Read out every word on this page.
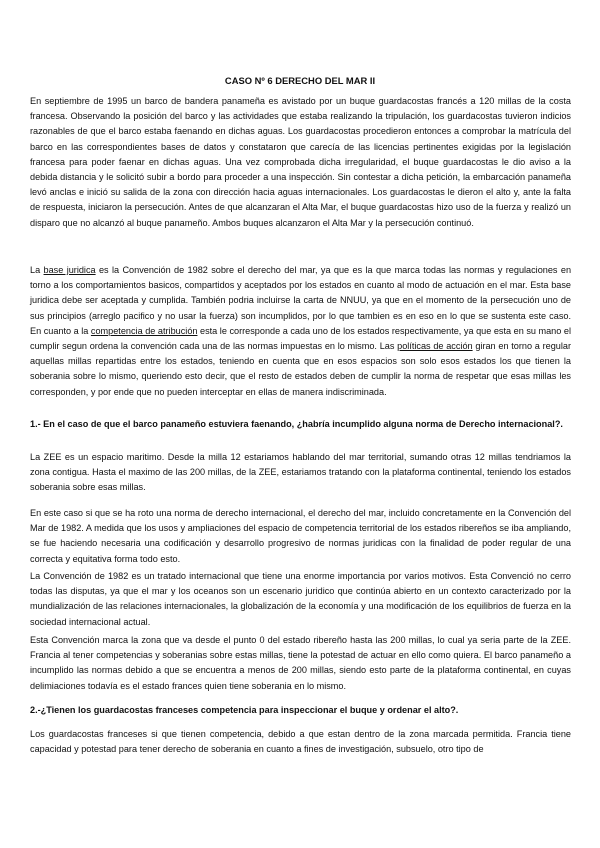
CASO Nº 6 DERECHO DEL MAR II

En septiembre de 1995 un barco de bandera panameña es avistado por un buque guardacostas francés a 120 millas de la costa francesa. Observando la posición del barco y las actividades que estaba realizando la tripulación, los guardacostas tuvieron indicios razonables de que el barco estaba faenando en dichas aguas. Los guardacostas procedieron entonces a comprobar la matrícula del barco en las correspondientes bases de datos y constataron que carecía de las licencias pertinentes exigidas por la legislación francesa para poder faenar en dichas aguas. Una vez comprobada dicha irregularidad, el buque guardacostas le dio aviso a la debida distancia y le solicitó subir a bordo para proceder a una inspección. Sin contestar a dicha petición, la embarcación panameña levó anclas e inició su salida de la zona con dirección hacia aguas internacionales. Los guardacostas le dieron el alto y, ante la falta de respuesta, iniciaron la persecución. Antes de que alcanzaran el Alta Mar, el buque guardacostas hizo uso de la fuerza y realizó un disparo que no alcanzó al buque panameño. Ambos buques alcanzaron el Alta Mar y la persecución continuó.

La base juridica es la Convención de 1982 sobre el derecho del mar, ya que es la que marca todas las normas y regulaciones en torno a los comportamientos basicos, compartidos y aceptados por los estados en cuanto al modo de actuación en el mar. Esta base juridica debe ser aceptada y cumplida. También podria incluirse la carta de NNUU, ya que en el momento de la persecución uno de sus principios (arreglo pacifico y no usar la fuerza) son incumplidos, por lo que tambien es en eso en lo que se sustenta este caso. En cuanto a la competencia de atribución esta le corresponde a cada uno de los estados respectivamente, ya que esta en su mano el cumplir segun ordena la convención cada una de las normas impuestas en lo mismo. Las políticas de acción giran en torno a regular aquellas millas repartidas entre los estados, teniendo en cuenta que en esos espacios son solo esos estados los que tienen la soberania sobre lo mismo, queriendo esto decir, que el resto de estados deben de cumplir la norma de respetar que esas millas les corresponden, y por ende que no pueden interceptar en ellas de manera indiscriminada.

1.- En el caso de que el barco panameño estuviera faenando, ¿habría incumplido alguna norma de Derecho internacional?.

La ZEE es un espacio maritimo. Desde la milla 12 estariamos hablando del mar territorial, sumando otras 12 millas tendriamos la zona contigua. Hasta el maximo de las 200 millas, de la ZEE, estariamos tratando con la plataforma continental, teniendo los estados soberania sobre esas millas.

En este caso si que se ha roto una norma de derecho internacional, el derecho del mar, incluido concretamente en la Convención del Mar de 1982. A medida que los usos y ampliaciones del espacio de competencia territorial de los estados ribereños se iba ampliando, se fue haciendo necesaria una codificación y desarrollo progresivo de normas juridicas con la finalidad de poder regular de una correcta y equitativa forma todo esto.

La Convención de 1982 es un tratado internacional que tiene una enorme importancia por varios motivos. Esta Convenció no cerro todas las disputas, ya que el mar y los oceanos son un escenario juridico que continúa abierto en un contexto caracterizado por la mundialización de las relaciones internacionales, la globalización de la economía y una modificación de los equilibrios de fuerza en la sociedad internacional actual.

Esta Convención marca la zona que va desde el punto 0 del estado ribereño hasta las 200 millas, lo cual ya seria parte de la ZEE. Francia al tener competencias y soberanias sobre estas millas, tiene la potestad de actuar en ello como quiera. El barco panameño a incumplido las normas debido a que se encuentra a menos de 200 millas, siendo esto parte de la plataforma continental, en cuyas delimiaciones todavía es el estado frances quien tiene soberania en lo mismo.

2.-¿Tienen los guardacostas franceses competencia para inspeccionar el buque y ordenar el alto?.

Los guardacostas franceses si que tienen competencia, debido a que estan dentro de la zona marcada permitida. Francia tiene capacidad y potestad para tener derecho de soberania en cuanto a fines de investigación, subsuelo, otro tipo de
